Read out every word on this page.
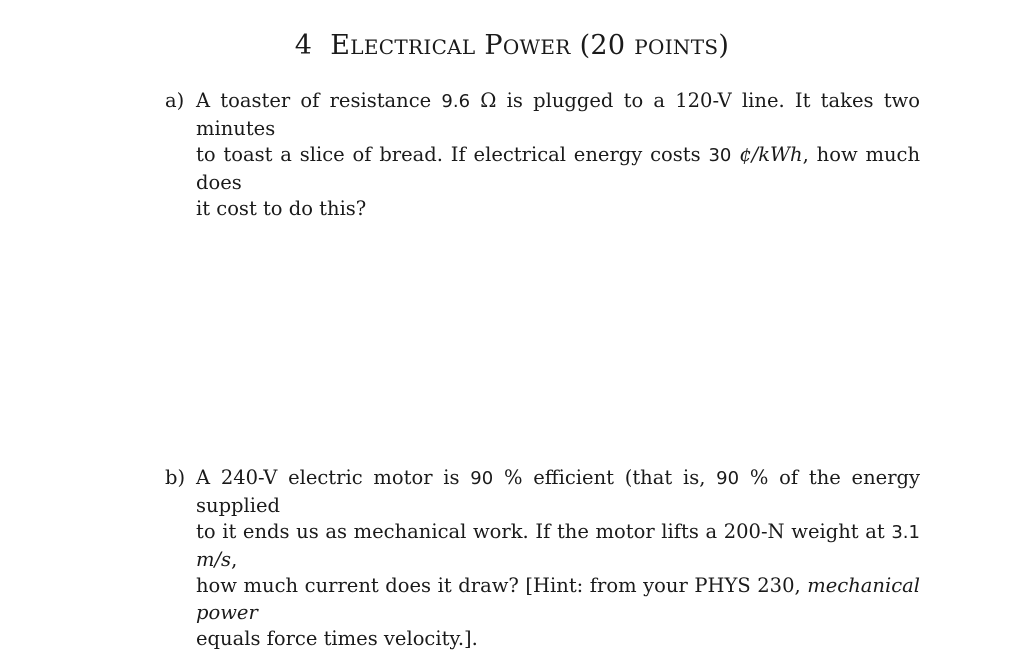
4 ELECTRICAL POWER (20 POINTS)
a) A toaster of resistance 9.6 Ω is plugged to a 120-V line. It takes two minutes
to toast a slice of bread. If electrical energy costs 30 ¢/kWh, how much does
it cost to do this?
b) A 240-V electric motor is 90 % efficient (that is, 90 % of the energy supplied
to it ends us as mechanical work. If the motor lifts a 200-N weight at 3.1 m/s,
how much current does it draw? [Hint: from your PHYS 230, mechanical power
equals force times velocity.].
